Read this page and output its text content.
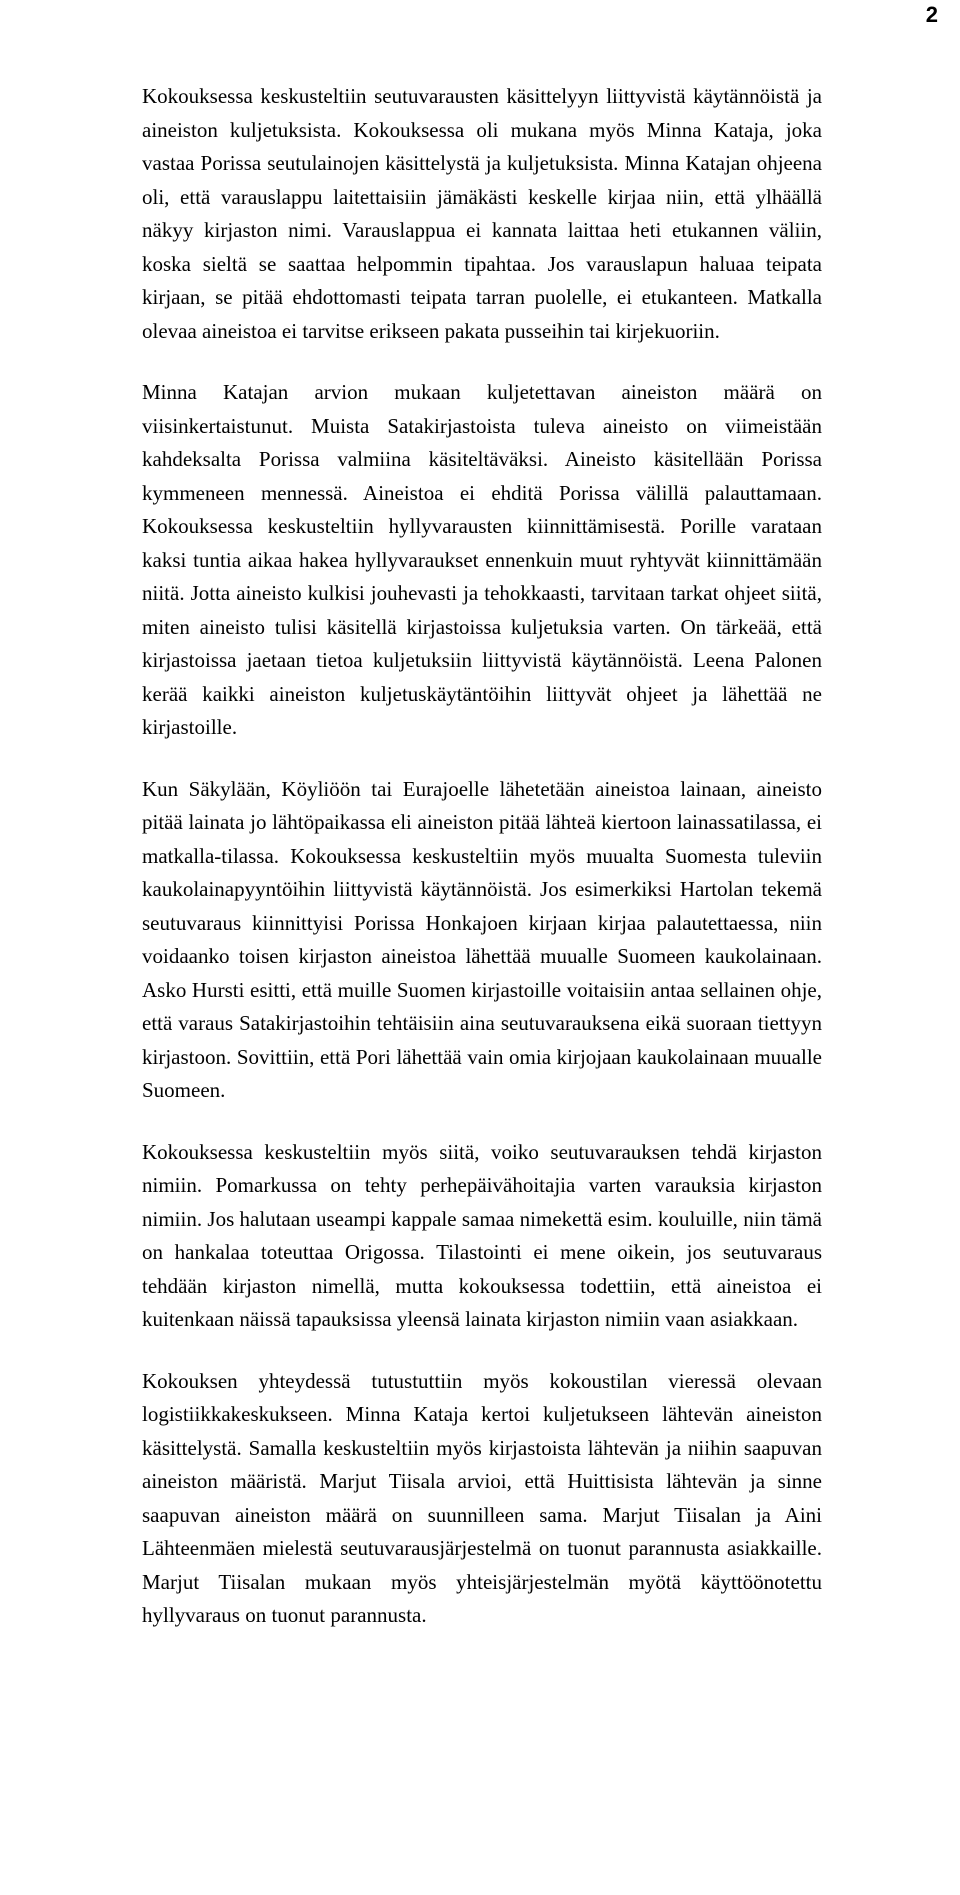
2

Kokouksessa keskusteltiin seutuvarausten käsittelyyn liittyvistä käytännöistä ja aineiston kuljetuksista. Kokouksessa oli mukana myös Minna Kataja, joka vastaa Porissa seutulainojen käsittelystä ja kuljetuksista. Minna Katajan ohjeena oli, että varauslappu laitettaisiin jämäkästi keskelle kirjaa niin, että ylhäällä näkyy kirjaston nimi. Varauslappua ei kannata laittaa heti etukannen väliin, koska sieltä se saattaa helpommin tipahtaa. Jos varauslapun haluaa teipata kirjaan, se pitää ehdottomasti teipata tarran puolelle, ei etukanteen. Matkalla olevaa aineistoa ei tarvitse erikseen pakata pusseihin tai kirjekuoriin.

Minna Katajan arvion mukaan kuljetettavan aineiston määrä on viisinkertaistunut. Muista Satakirjastoista tuleva aineisto on viimeistään kahdeksalta Porissa valmiina käsiteltäväksi. Aineisto käsitellään Porissa kymmeneen mennessä. Aineistoa ei ehditä Porissa välillä palauttamaan. Kokouksessa keskusteltiin hyllyvarausten kiinnittämisestä. Porille varataan kaksi tuntia aikaa hakea hyllyvaraukset ennenkuin muut ryhtyvät kiinnittämään niitä. Jotta aineisto kulkisi jouhevasti ja tehokkaasti, tarvitaan tarkat ohjeet siitä, miten aineisto tulisi käsitellä kirjastoissa kuljetuksia varten. On tärkeää, että kirjastoissa jaetaan tietoa kuljetuksiin liittyvistä käytännöistä. Leena Palonen kerää kaikki aineiston kuljetuskäytäntöihin liittyvät ohjeet ja lähettää ne kirjastoille.

Kun Säkylään, Köyliöön tai Eurajoelle lähetetään aineistoa lainaan, aineisto pitää lainata jo lähtöpaikassa eli aineiston pitää lähteä kiertoon lainassatilassa, ei matkalla-tilassa. Kokouksessa keskusteltiin myös muualta Suomesta tuleviin kaukolainapyyntöihin liittyvistä käytännöistä. Jos esimerkiksi Hartolan tekemä seutuvaraus kiinnittyisi Porissa Honkajoen kirjaan kirjaa palautettaessa, niin voidaanko toisen kirjaston aineistoa lähettää muualle Suomeen kaukolainaan. Asko Hursti esitti, että muille Suomen kirjastoille voitaisiin antaa sellainen ohje, että varaus Satakirjastoihin tehtäisiin aina seutuvarauksena eikä suoraan tiettyyn kirjastoon. Sovittiin, että Pori lähettää vain omia kirjojaan kaukolainaan muualle Suomeen.

Kokouksessa keskusteltiin myös siitä, voiko seutuvarauksen tehdä kirjaston nimiin. Pomarkussa on tehty perhepäivähoitajia varten varauksia kirjaston nimiin. Jos halutaan useampi kappale samaa nimekettä esim. kouluille, niin tämä on hankalaa toteuttaa Origossa. Tilastointi ei mene oikein, jos seutuvaraus tehdään kirjaston nimellä, mutta kokouksessa todettiin, että aineistoa ei kuitenkaan näissä tapauksissa yleensä lainata kirjaston nimiin vaan asiakkaan.

Kokouksen yhteydessä tutustuttiin myös kokoustilan vieressä olevaan logistiikkakeskukseen. Minna Kataja kertoi kuljetukseen lähtevän aineiston käsittelystä. Samalla keskusteltiin myös kirjastoista lähtevän ja niihin saapuvan aineiston määristä. Marjut Tiisala arvioi, että Huittisista lähtevän ja sinne saapuvan aineiston määrä on suunnilleen sama. Marjut Tiisalan ja Aini Lähteenmäen mielestä seutuvarausjärjestelmä on tuonut parannusta asiakkaille. Marjut Tiisalan mukaan myös yhteisjärjestelmän myötä käyttöönotettu hyllyvaraus on tuonut parannusta.
